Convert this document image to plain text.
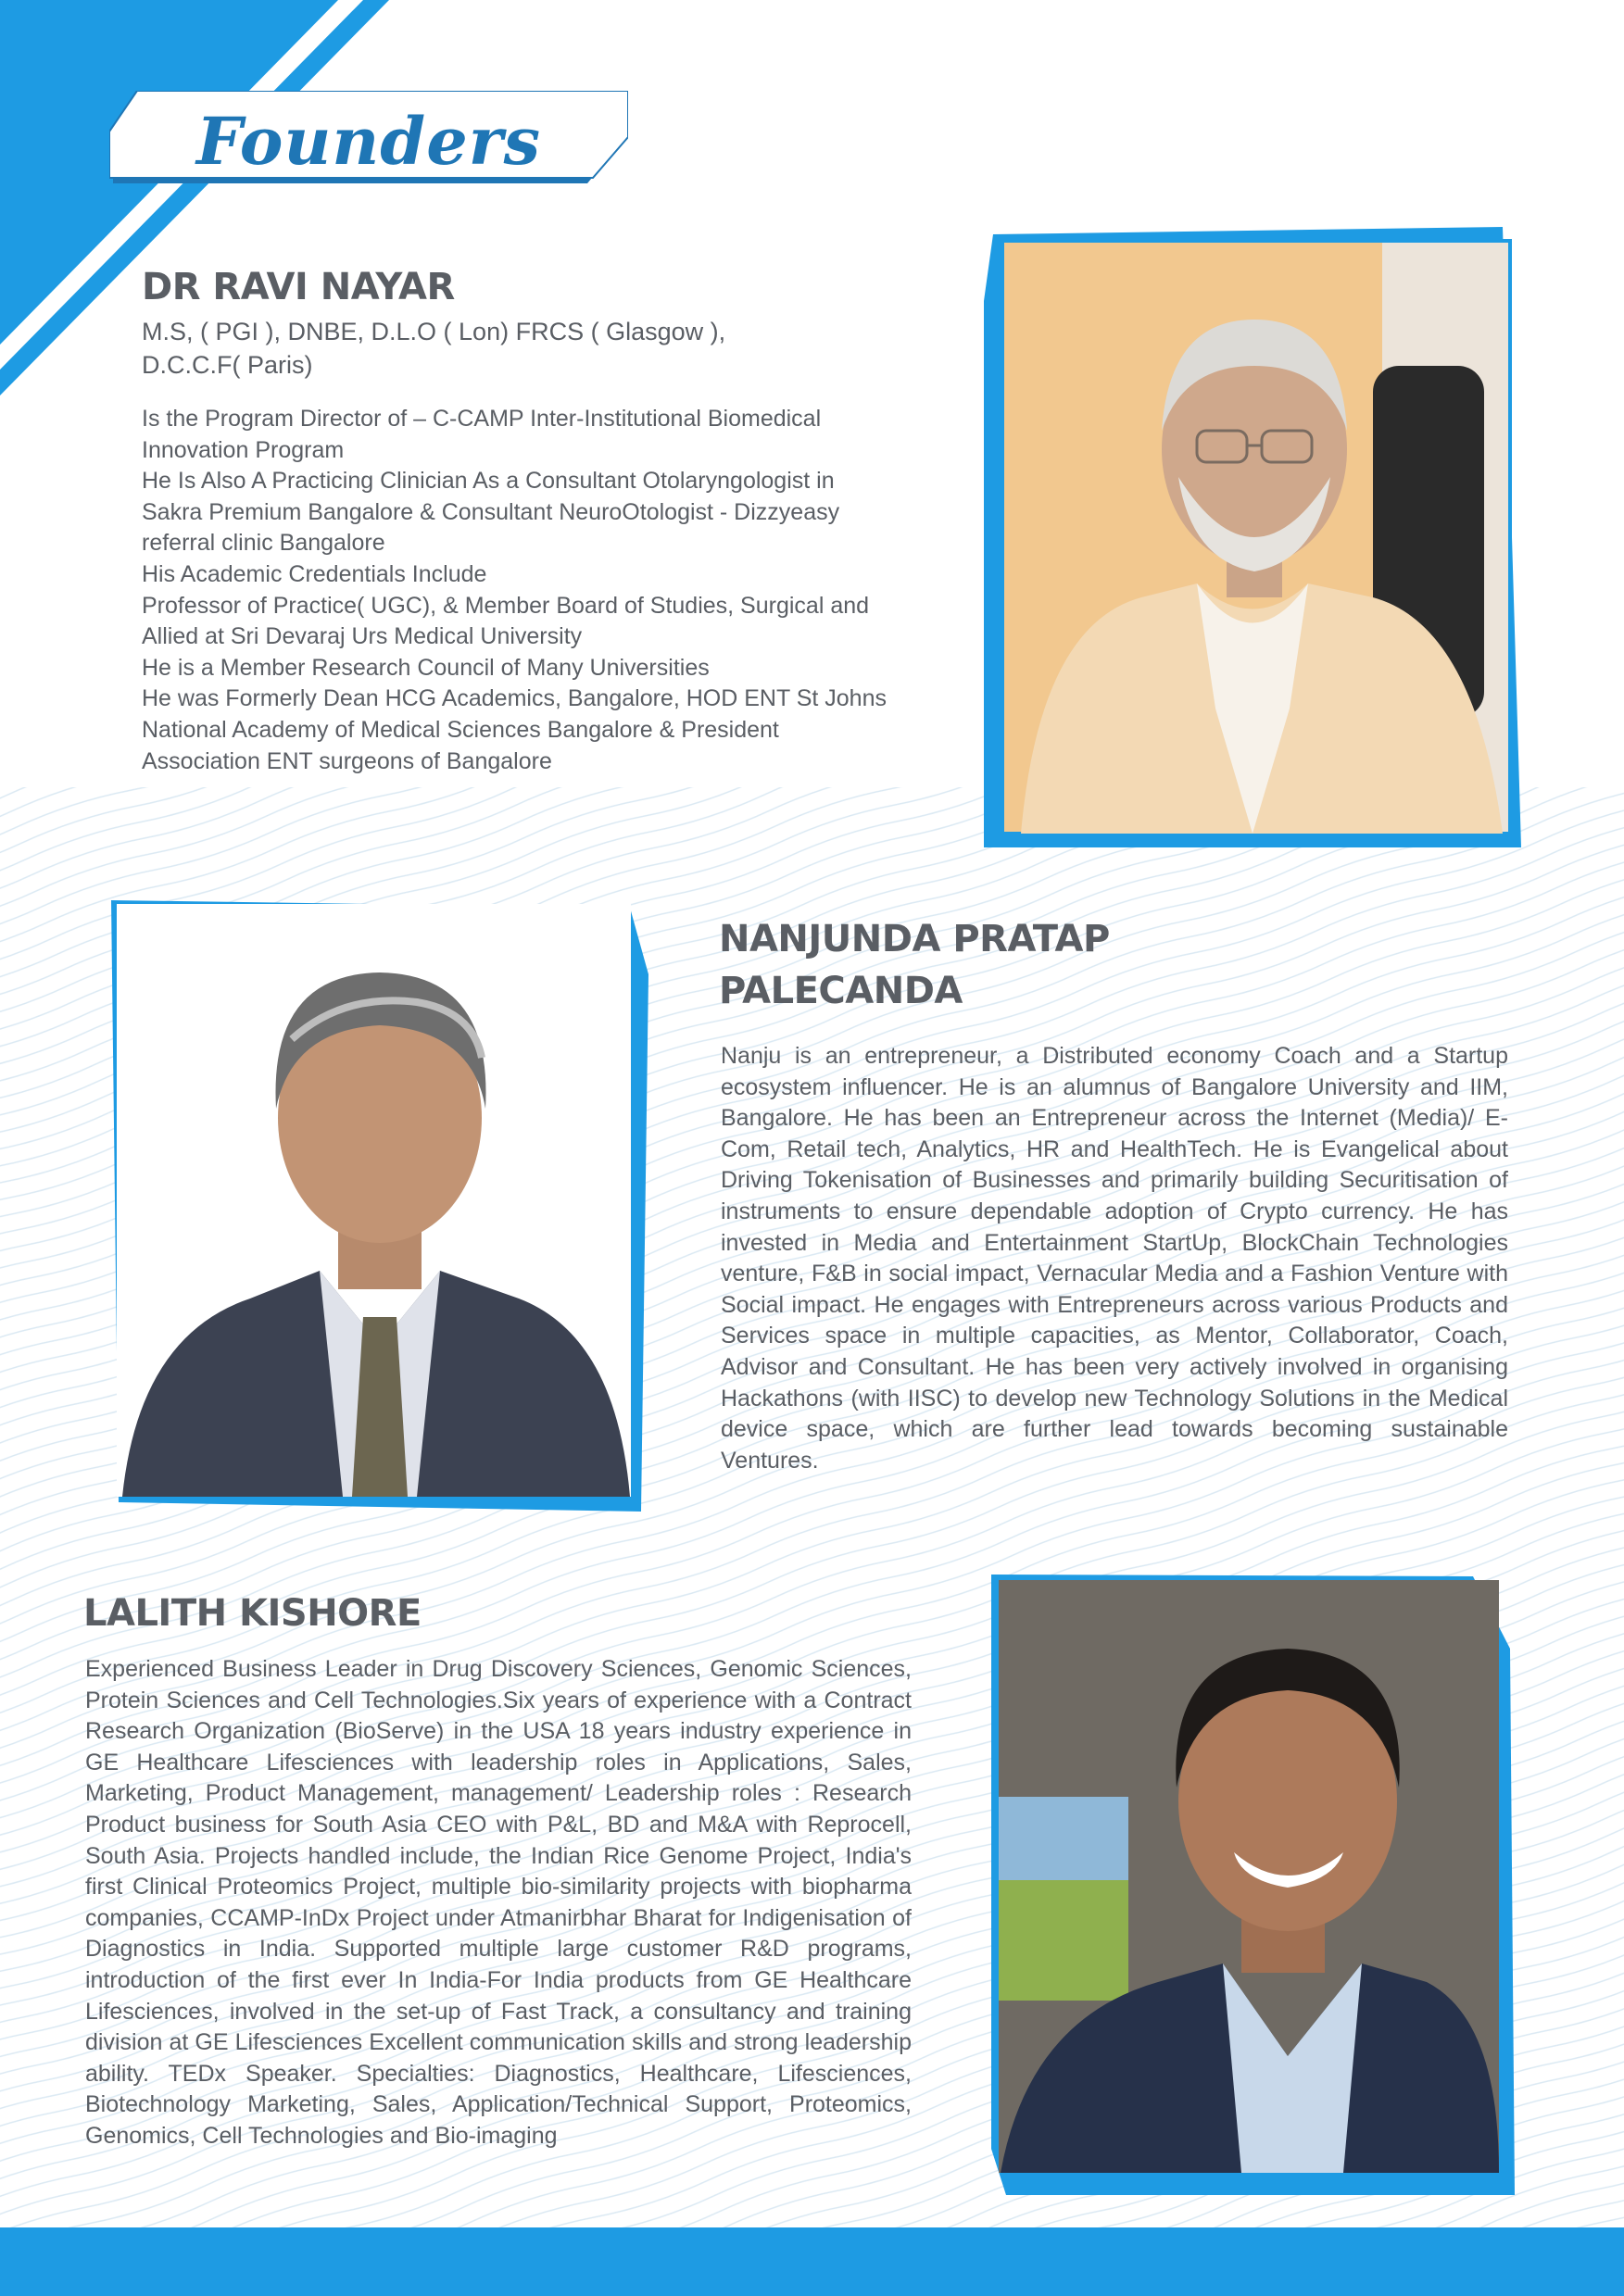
Founders
DR RAVI NAYAR
M.S, ( PGI ), DNBE, D.L.O ( Lon) FRCS ( Glasgow ),
D.C.C.F( Paris)
Is the Program Director of – C-CAMP Inter-Institutional Biomedical
Innovation Program
He Is Also A Practicing Clinician As a Consultant Otolaryngologist in
Sakra Premium Bangalore & Consultant NeuroOtologist - Dizzyeasy
referral clinic Bangalore
His Academic Credentials Include
Professor of Practice( UGC), & Member Board of Studies, Surgical and
Allied at Sri Devaraj Urs Medical University
He is a Member Research Council of Many Universities
He was Formerly Dean HCG Academics, Bangalore, HOD ENT St Johns
National Academy of Medical Sciences Bangalore & President
Association ENT surgeons of Bangalore
NANJUNDA PRATAP
PALECANDA
Nanju is an entrepreneur, a Distributed economy Coach and a Startup ecosystem influencer. He is an alumnus of Bangalore University and IIM, Bangalore. He has been an Entrepreneur across the Internet (Media)/ E-Com, Retail tech, Analytics, HR and HealthTech. He is Evangelical about Driving Tokenisation of Businesses and primarily building Securitisation of instruments to ensure dependable adoption of Crypto currency. He has invested in Media and Entertainment StartUp, BlockChain Technologies venture, F&B in social impact, Vernacular Media and a Fashion Venture with Social impact. He engages with Entrepreneurs across various Products and Services space in multiple capacities, as Mentor, Collaborator, Coach, Advisor and Consultant. He has been very actively involved in organising Hackathons (with IISC) to develop new Technology Solutions in the Medical device space, which are further lead towards becoming sustainable Ventures.
LALITH KISHORE
Experienced Business Leader in Drug Discovery Sciences, Genomic Sciences, Protein Sciences and Cell Technologies.Six years of experience with a Contract Research Organization (BioServe) in the USA 18 years industry experience in GE Healthcare Lifesciences with leadership roles in Applications, Sales, Marketing, Product Management, management/ Leadership roles : Research Product business for South Asia CEO with P&L, BD and M&A with Reprocell, South Asia. Projects handled include, the Indian Rice Genome Project, India's first Clinical Proteomics Project, multiple bio-similarity projects with biopharma companies, CCAMP-InDx Project under Atmanirbhar Bharat for Indigenisation of Diagnostics in India. Supported multiple large customer R&D programs, introduction of the first ever In India-For India products from GE Healthcare Lifesciences, involved in the set-up of Fast Track, a consultancy and training division at GE Lifesciences Excellent communication skills and strong leadership ability. TEDx Speaker. Specialties: Diagnostics, Healthcare, Lifesciences, Biotechnology Marketing, Sales, Application/Technical Support, Proteomics, Genomics, Cell Technologies and Bio-imaging
